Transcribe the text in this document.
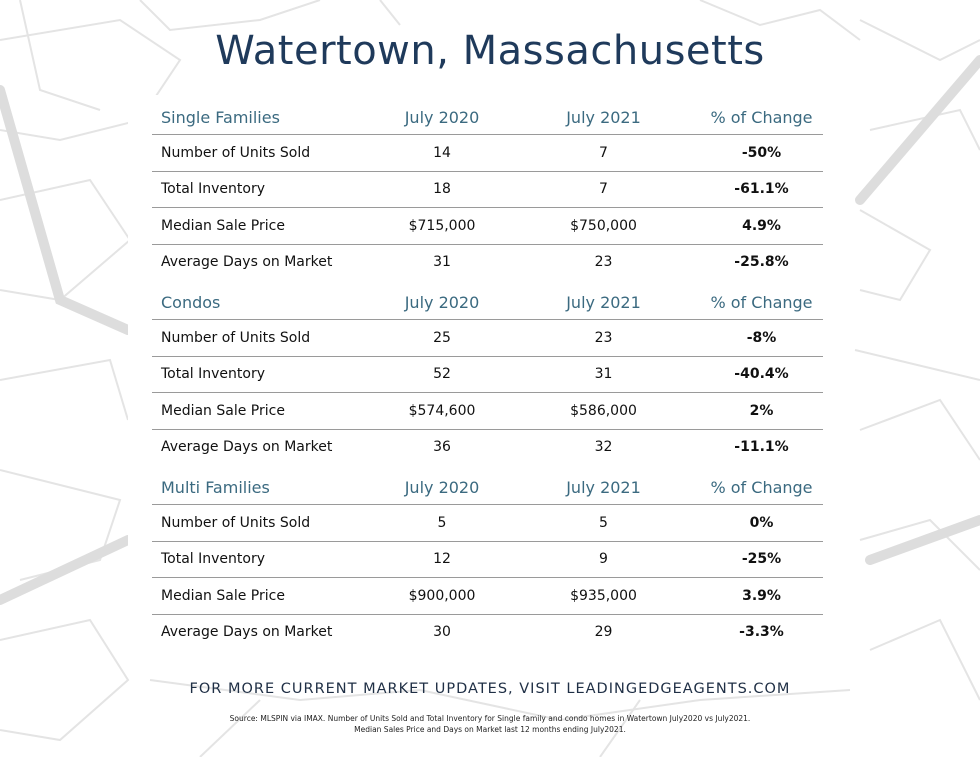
Watertown, Massachusetts
Single Families	July 2020	July 2021	% of Change
Number of Units Sold	14	7	-50%
Total Inventory	18	7	-61.1%
Median Sale Price	$715,000	$750,000	4.9%
Average Days on Market	31	23	-25.8%
Condos	July 2020	July 2021	% of Change
Number of Units Sold	25	23	-8%
Total Inventory	52	31	-40.4%
Median Sale Price	$574,600	$586,000	2%
Average Days on Market	36	32	-11.1%
Multi Families	July 2020	July 2021	% of Change
Number of Units Sold	5	5	0%
Total Inventory	12	9	-25%
Median Sale Price	$900,000	$935,000	3.9%
Average Days on Market	30	29	-3.3%
FOR MORE CURRENT MARKET UPDATES, VISIT LEADINGEDGEAGENTS.COM
Source: MLSPIN via IMAX. Number of Units Sold and Total Inventory for Single family and condo homes in Watertown July2020 vs July2021.
Median Sales Price and Days on Market last 12 months ending July2021.
